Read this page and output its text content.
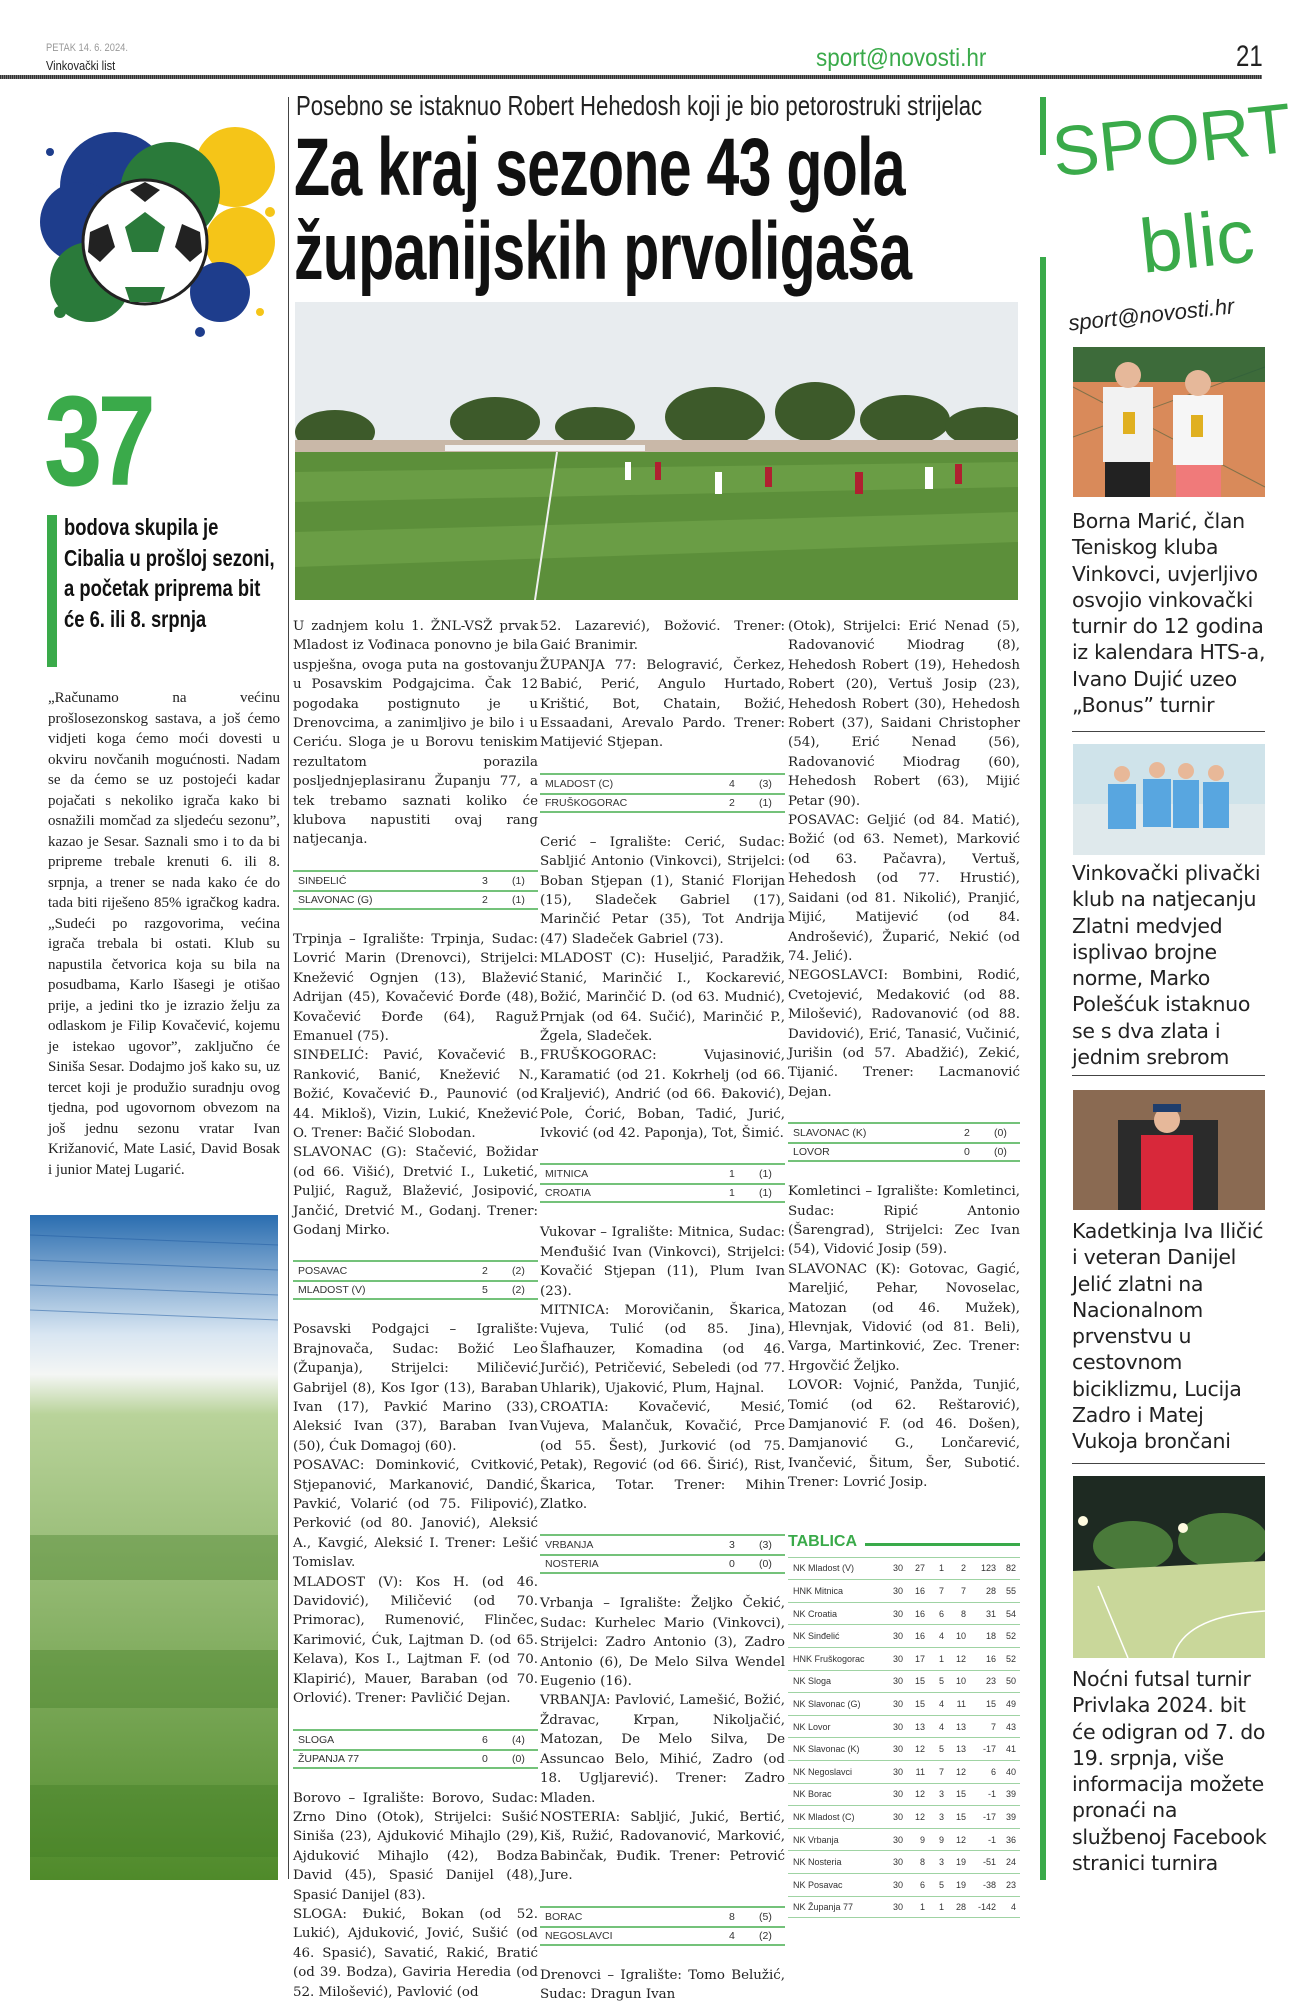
PETAK 14. 6. 2024.
Vinkovački list	sport@novosti.hr	21
37
bodova skupila je Cibalia u prošloj sezoni, a početak priprema bit će 6. ili 8. srpnja

„Računamo na većinu prošlosezonskog sastava, a još ćemo vidjeti koga ćemo moći dovesti u okviru novčanih mogućnosti. Nadam se da ćemo se uz postojeći kadar pojačati s nekoliko igrača kako bi osnažili momčad za sljedeću sezonu”, kazao je Sesar. Saznali smo i to da bi pripreme trebale krenuti 6. ili 8. srpnja, a trener se nada kako će do tada biti riješeno 85% igračkog kadra. „Sudeći po razgovorima, većina igrača trebala bi ostati. Klub su napustila četvorica koja su bila na posudbama, Karlo Išasegi je otišao prije, a jedini tko je izrazio želju za odlaskom je Filip Kovačević, kojemu je istekao ugovor”, zaključno će Siniša Sesar. Dodajmo još kako su, uz tercet koji je produžio suradnju ovog tjedna, pod ugovornom obvezom na još jednu sezonu vratar Ivan Križanović, Mate Lasić, David Bosak i junior Matej Lugarić.

Posebno se istaknuo Robert Hehedosh koji je bio petorostruki strijelac
Za kraj sezone 43 gola
županijskih prvoligaša

U zadnjem kolu 1. ŽNL-VSŽ prvak Mladost iz Vođinaca ponovno je bila uspješna, ovoga puta na gostovanju u Posavskim Podgajcima. Čak 12 pogodaka postignuto je u Drenovcima, a zanimljivo je bilo i u Ceriću. Sloga je u Borovu teniskim rezultatom porazila posljednjeplasiranu Županju 77, a tek trebamo saznati koliko će klubova napustiti ovaj rang natjecanja.

SINĐELIĆ	3	(1)
SLAVONAC (G)	2	(1)

Trpinja – Igralište: Trpinja, Sudac: Lovrić Marin (Drenovci), Strijelci: Knežević Ognjen (13), Blažević Adrijan (45), Kovačević Đorđe (48), Kovačević Đorđe (64), Raguž Emanuel (75).

SINĐELIĆ: Pavić, Kovačević B., Ranković, Banić, Knežević N., Božić, Kovačević Đ., Paunović (od 44. Mikloš), Vizin, Lukić, Knežević O. Trener: Bačić Slobodan.

SLAVONAC (G): Stačević, Božidar (od 66. Višić), Dretvić I., Luketić, Puljić, Raguž, Blažević, Josipović, Jančić, Dretvić M., Godanj. Trener: Godanj Mirko.

POSAVAC	2	(2)
MLADOST (V)	5	(2)

Posavski Podgajci – Igralište: Brajnovača, Sudac: Božić Leo (Županja), Strijelci: Miličević Gabrijel (8), Kos Igor (13), Baraban Ivan (17), Pavkić Marino (33), Aleksić Ivan (37), Baraban Ivan (50), Ćuk Domagoj (60).

POSAVAC: Dominković, Cvitković, Stjepanović, Markanović, Dandić, Pavkić, Volarić (od 75. Filipović), Perković (od 80. Janović), Aleksić A., Kavgić, Aleksić I. Trener: Lešić Tomislav.

MLADOST (V): Kos H. (od 46. Davidović), Miličević (od 70. Primorac), Rumenović, Flinčec, Karimović, Ćuk, Lajtman D. (od 65. Kelava), Kos I., Lajtman F. (od 70. Klapirić), Mauer, Baraban (od 70. Orlović). Trener: Pavličić Dejan.

SLOGA	6	(4)
ŽUPANJA 77	0	(0)

Borovo – Igralište: Borovo, Sudac: Zrno Dino (Otok), Strijelci: Sušić Siniša (23), Ajduković Mihajlo (29), Ajduković Mihajlo (42), Bodza David (45), Spasić Danijel (48), Spasić Danijel (83).

SLOGA: Đukić, Bokan (od 52. Lukić), Ajduković, Jović, Sušić (od 46. Spasić), Savatić, Rakić, Bratić (od 39. Bodza), Gaviria Heredia (od 52. Milošević), Pavlović (od

52. Lazarević), Božović. Trener: Gaić Branimir.

ŽUPANJA 77: Belogravić, Čerkez, Babić, Perić, Angulo Hurtado, Krištić, Bot, Chatain, Božić, Essaadani, Arevalo Pardo. Trener: Matijević Stjepan.

MLADOST (C)	4	(3)
FRUŠKOGORAC	2	(1)

Cerić – Igralište: Cerić, Sudac: Sabljić Antonio (Vinkovci), Strijelci: Boban Stjepan (1), Stanić Florijan (15), Sladeček Gabriel (17), Marinčić Petar (35), Tot Andrija (47) Sladeček Gabriel (73).

MLADOST (C): Huseljić, Paradžik, Stanić, Marinčić I., Kockarević, Božić, Marinčić D. (od 63. Mudnić), Prnjak (od 64. Sučić), Marinčić P., Žgela, Sladeček.

FRUŠKOGORAC: Vujasinović, Karamatić (od 21. Kokrhelj (od 66. Kraljević), Andrić (od 66. Đaković), Pole, Ćorić, Boban, Tadić, Jurić, Ivković (od 42. Paponja), Tot, Šimić.

MITNICA	1	(1)
CROATIA	1	(1)

Vukovar – Igralište: Mitnica, Sudac: Menđušić Ivan (Vinkovci), Strijelci: Kovačić Stjepan (11), Plum Ivan (23).

MITNICA: Morovičanin, Škarica, Vujeva, Tulić (od 85. Jina), Šlafhauzer, Komadina (od 46. Jurčić), Petričević, Sebeledi (od 77. Uhlarik), Ujaković, Plum, Hajnal.

CROATIA: Kovačević, Mesić, Vujeva, Malančuk, Kovačić, Prce (od 55. Šest), Jurković (od 75. Petak), Regović (od 66. Širić), Rist, Škarica, Totar. Trener: Mihin Zlatko.

VRBANJA	3	(3)
NOSTERIA	0	(0)

Vrbanja – Igralište: Željko Čekić, Sudac: Kurhelec Mario (Vinkovci), Strijelci: Zadro Antonio (3), Zadro Antonio (6), De Melo Silva Wendel Eugenio (16).

VRBANJA: Pavlović, Lamešić, Božić, Ždravac, Krpan, Nikoljačić, Matozan, De Melo Silva, De Assuncao Belo, Mihić, Zadro (od 18. Ugljarević). Trener: Zadro Mladen.

NOSTERIA: Sabljić, Jukić, Bertić, Kiš, Ružić, Radovanović, Marković, Babinčak, Đuđik. Trener: Petrović Jure.

BORAC	8	(5)
NEGOSLAVCI	4	(2)

Drenovci – Igralište: Tomo Belužić, Sudac: Dragun Ivan

(Otok), Strijelci: Erić Nenad (5), Radovanović Miodrag (8), Hehedosh Robert (19), Hehedosh Robert (20), Vertuš Josip (23), Hehedosh Robert (30), Hehedosh Robert (37), Saidani Christopher (54), Erić Nenad (56), Radovanović Miodrag (60), Hehedosh Robert (63), Mijić Petar (90).

POSAVAC: Geljić (od 84. Matić), Božić (od 63. Nemet), Marković (od 63. Pačavra), Vertuš, Hehedosh (od 77. Hrustić), Saidani (od 81. Nikolić), Pranjić, Mijić, Matijević (od 84. Androšević), Župarić, Nekić (od 74. Jelić).

NEGOSLAVCI: Bombini, Rodić, Cvetojević, Medaković (od 88. Milošević), Radovanović (od 88. Davidović), Erić, Tanasić, Vučinić, Jurišin (od 57. Abadžić), Zekić, Tijanić. Trener: Lacmanović Dejan.

SLAVONAC (K)	2	(0)
LOVOR	0	(0)

Komletinci – Igralište: Komletinci, Sudac: Ripić Antonio (Šarengrad), Strijelci: Zec Ivan (54), Vidović Josip (59).

SLAVONAC (K): Gotovac, Gagić, Mareljić, Pehar, Novoselac, Matozan (od 46. Mužek), Hlevnjak, Vidović (od 81. Beli), Varga, Martinković, Zec. Trener: Hrgovčić Željko.

LOVOR: Vojnić, Panžda, Tunjić, Tomić (od 62. Reštarović), Damjanović F. (od 46. Došen), Damjanović G., Lončarević, Ivančević, Šitum, Šer, Subotić. Trener: Lovrić Josip.

TABLICA
NK Mladost (V)	30	27	1	2	123	82
HNK Mitnica	30	16	7	7	28	55
NK Croatia	30	16	6	8	31	54
NK Sinđelić	30	16	4	10	18	52
HNK Fruškogorac	30	17	1	12	16	52
NK Sloga	30	15	5	10	23	50
NK Slavonac (G)	30	15	4	11	15	49
NK Lovor	30	13	4	13	7	43
NK Slavonac (K)	30	12	5	13	-17	41
NK Negoslavci	30	11	7	12	6	40
NK Borac	30	12	3	15	-1	39
NK Mladost (C)	30	12	3	15	-17	39
NK Vrbanja	30	9	9	12	-1	36
NK Nosteria	30	8	3	19	-51	24
NK Posavac	30	6	5	19	-38	23
NK Županja 77	30	1	1	28	-142	4
SPORT
blic
sport@novosti.hr
Borna Marić, član Teniskog kluba Vinkovci, uvjerljivo osvojio vinkovački turnir do 12 godina iz kalendara HTS-a, Ivano Dujić uzeo „Bonus” turnir
Vinkovački plivački klub na natjecanju Zlatni medvjed isplivao brojne norme, Marko Polešćuk istaknuo se s dva zlata i jednim srebrom
Kadetkinja Iva Iličić i veteran Danijel Jelić zlatni na Nacionalnom prvenstvu u cestovnom biciklizmu, Lucija Zadro i Matej Vukoja brončani
Noćni futsal turnir Privlaka 2024. bit će odigran od 7. do 19. srpnja, više informacija možete pronaći na službenoj Facebook stranici turnira
